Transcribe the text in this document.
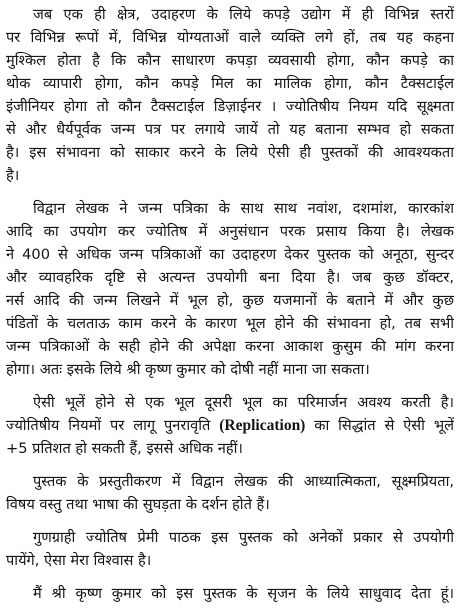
जब एक ही क्षेत्र, उदाहरण के लिये कपड़े उद्योग में ही विभिन्न स्तरों
पर विभिन्न रूपों में, विभिन्न योग्यताओं वाले व्यक्ति लगे हों, तब यह कहना
मुश्किल होता है कि कौन साधारण कपड़ा व्यवसायी होगा, कौन कपड़े का
थोक व्यापारी होगा, कौन कपड़े मिल का मालिक होगा, कौन टैक्सटाईल
इंजीनियर होगा तो कौन टैक्सटाईल डिज़ाईनर । ज्योतिषीय नियम यदि सूक्ष्मता
से और धैर्यपूर्वक जन्म पत्र पर लगाये जायें तो यह बताना सम्भव हो सकता
है। इस संभावना को साकार करने के लिये ऐसी ही पुस्तकों की आवश्यकता
है।
विद्वान लेखक ने जन्म पत्रिका के साथ साथ नवांश, दशमांश, कारकांश
आदि का उपयोग कर ज्योतिष में अनुसंधान परक प्रसाय किया है। लेखक
ने 400 से अधिक जन्म पत्रिकाओं का उदाहरण देकर पुस्तक को अनूठा, सुन्दर
और व्यावहरिक दृष्टि से अत्यन्त उपयोगी बना दिया है। जब कुछ डॉक्टर,
नर्स आदि की जन्म लिखने में भूल हो, कुछ यजमानों के बताने में और कुछ
पंडितों के चलताऊ काम करने के कारण भूल होने की संभावना हो, तब सभी
जन्म पत्रिकाओं के सही होने की अपेक्षा करना आकाश कुसुम की मांग करना
होगा। अतः इसके लिये श्री कृष्ण कुमार को दोषी नहीं माना जा सकता।
ऐसी भूलें होने से एक भूल दूसरी भूल का परिमार्जन अवश्य करती है।
ज्योतिषीय नियमों पर लागू पुनरावृति (Replication) का सिद्धांत से ऐसी भूलें
+5 प्रतिशत हो सकती हैं, इससे अधिक नहीं।
पुस्तक के प्रस्तुतीकरण में विद्वान लेखक की आध्यात्मिकता, सूक्ष्मप्रियता,
विषय वस्तु तथा भाषा की सुघड़ता के दर्शन होते हैं।
गुणग्राही ज्योतिष प्रेमी पाठक इस पुस्तक को अनेकों प्रकार से उपयोगी
पायेंगे, ऐसा मेरा विश्वास है।
मैं श्री कृष्ण कुमार को इस पुस्तक के सृजन के लिये साधुवाद देता हूं।
